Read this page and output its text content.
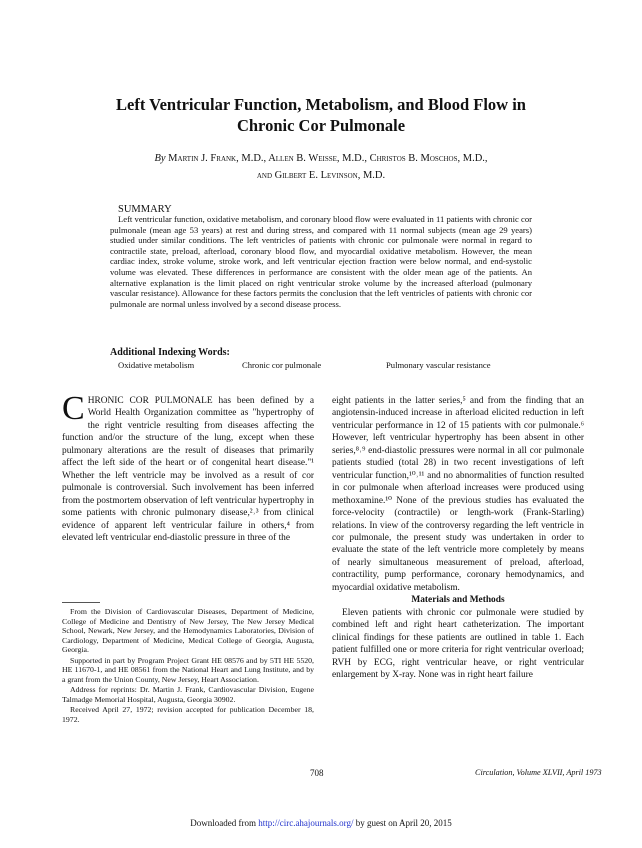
Left Ventricular Function, Metabolism, and Blood Flow in
Chronic Cor Pulmonale

By Martin J. Frank, M.D., Allen B. Weisse, M.D., Christos B. Moschos, M.D.,
and Gilbert E. Levinson, M.D.

SUMMARY

Left ventricular function, oxidative metabolism, and coronary blood flow were evaluated in 11 patients with chronic cor pulmonale (mean age 53 years) at rest and during stress, and compared with 11 normal subjects (mean age 29 years) studied under similar conditions. The left ventricles of patients with chronic cor pulmonale were normal in regard to contractile state, preload, afterload, coronary blood flow, and myocardial oxidative metabolism. However, the mean cardiac index, stroke volume, stroke work, and left ventricular ejection fraction were below normal, and end-systolic volume was elevated. These differences in performance are consistent with the older mean age of the patients. An alternative explanation is the limit placed on right ventricular stroke volume by the increased afterload (pulmonary vascular resistance). Allowance for these factors permits the conclusion that the left ventricles of patients with chronic cor pulmonale are normal unless involved by a second disease process.

Additional Indexing Words:

Oxidative metabolism	Chronic cor pulmonale	Pulmonary vascular resistance

CHRONIC COR PULMONALE has been defined by a World Health Organization committee as "hypertrophy of the right ventricle resulting from diseases affecting the function and/or the structure of the lung, except when these pulmonary alterations are the result of diseases that primarily affect the left side of the heart or of congenital heart disease."¹ Whether the left ventricle may be involved as a result of cor pulmonale is controversial. Such involvement has been inferred from the postmortem observation of left ventricular hypertrophy in some patients with chronic pulmonary disease,²˒³ from clinical evidence of apparent left ventricular failure in others,⁴ from elevated left ventricular end-diastolic pressure in three of the

From the Division of Cardiovascular Diseases, Department of Medicine, College of Medicine and Dentistry of New Jersey, The New Jersey Medical School, Newark, New Jersey, and the Hemodynamics Laboratories, Division of Cardiology, Department of Medicine, Medical College of Georgia, Augusta, Georgia.

Supported in part by Program Project Grant HE 08576 and by 5TI HE 5520, HE 11670-1, and HE 08561 from the National Heart and Lung Institute, and by a grant from the Union County, New Jersey, Heart Association.

Address for reprints: Dr. Martin J. Frank, Cardiovascular Division, Eugene Talmadge Memorial Hospital, Augusta, Georgia 30902.

Received April 27, 1972; revision accepted for publication December 18, 1972.

eight patients in the latter series,⁵ and from the finding that an angiotensin-induced increase in afterload elicited reduction in left ventricular performance in 12 of 15 patients with cor pulmonale.⁶ However, left ventricular hypertrophy has been absent in other series,⁸˒⁹ end-diastolic pressures were normal in all cor pulmonale patients studied (total 28) in two recent investigations of left ventricular function,¹⁰˒¹¹ and no abnormalities of function resulted in cor pulmonale when afterload increases were produced using methoxamine.¹⁰ None of the previous studies has evaluated the force-velocity (contractile) or length-work (Frank-Starling) relations. In view of the controversy regarding the left ventricle in cor pulmonale, the present study was undertaken in order to evaluate the state of the left ventricle more completely by means of nearly simultaneous measurement of preload, afterload, contractility, pump performance, coronary hemodynamics, and myocardial oxidative metabolism.

Materials and Methods

Eleven patients with chronic cor pulmonale were studied by combined left and right heart catheterization. The important clinical findings for these patients are outlined in table 1. Each patient fulfilled one or more criteria for right ventricular overload; RVH by ECG, right ventricular heave, or right ventricular enlargement by X-ray. None was in right heart failure

708	Circulation, Volume XLVII, April 1973

Downloaded from http://circ.ahajournals.org/ by guest on April 20, 2015
